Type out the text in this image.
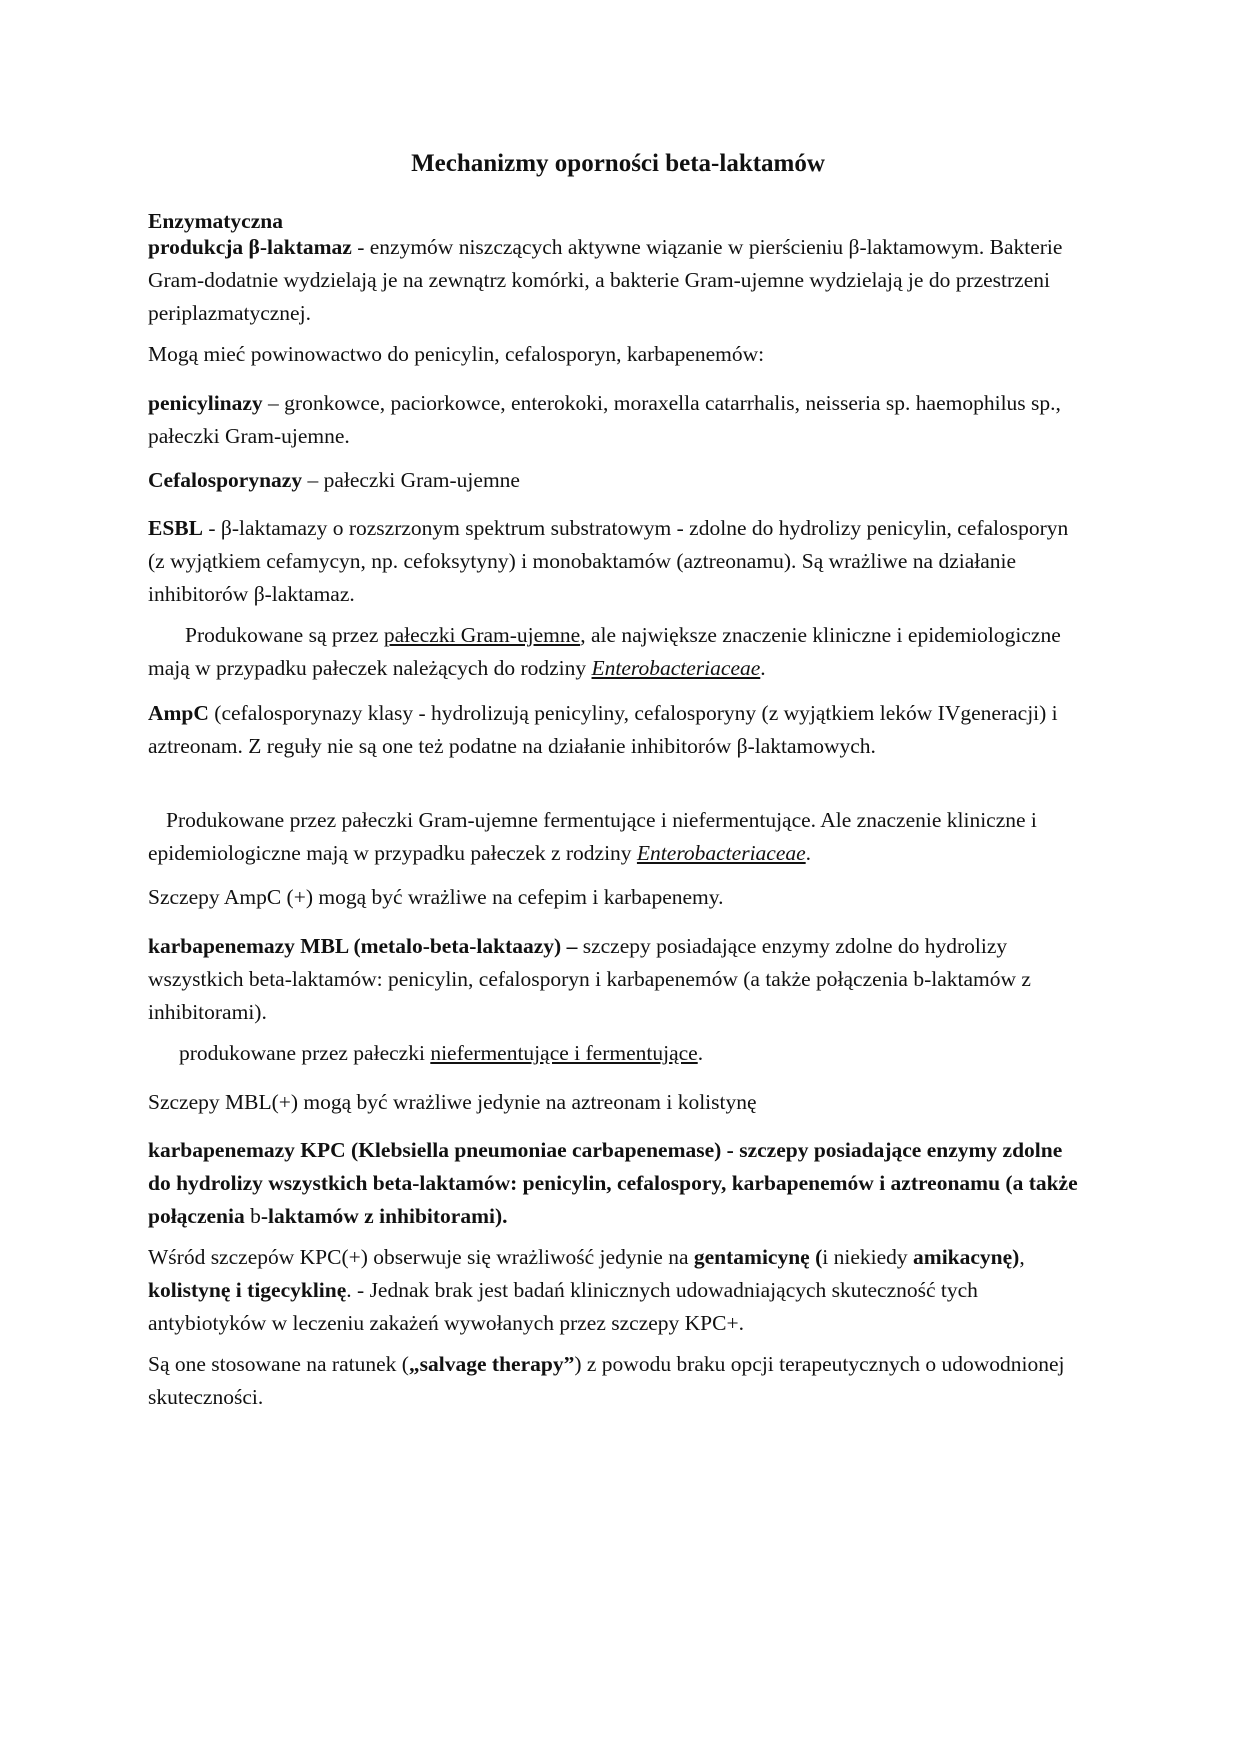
Mechanizmy oporności beta-laktamów
Enzymatyczna

produkcja β-laktamaz - enzymów niszczących aktywne wiązanie w pierścieniu β-laktamowym. Bakterie Gram-dodatnie wydzielają je na zewnątrz komórki, a bakterie Gram-ujemne wydzielają je do przestrzeni periplazmatycznej.

Mogą mieć powinowactwo do penicylin, cefalosporyn, karbapenemów:

penicylinazy – gronkowce, paciorkowce, enterokoki, moraxella catarrhalis, neisseria sp. haemophilus sp., pałeczki Gram-ujemne.

Cefalosporynazy – pałeczki Gram-ujemne

ESBL - β-laktamazy o rozszrzonym spektrum substratowym - zdolne do hydrolizy penicylin, cefalosporyn (z wyjątkiem cefamycyn, np. cefoksytyny) i monobaktamów (aztreonamu). Są wrażliwe na działanie inhibitorów β-laktamaz.

Produkowane są przez pałeczki Gram-ujemne, ale największe znaczenie kliniczne i epidemiologiczne mają w przypadku pałeczek należących do rodziny Enterobacteriaceae.

AmpC (cefalosporynazy klasy - hydrolizują penicyliny, cefalosporyny (z wyjątkiem leków IVgeneracji) i aztreonam. Z reguły nie są one też podatne na działanie inhibitorów β-laktamowych.

Produkowane przez pałeczki Gram-ujemne fermentujące i niefermentujące. Ale znaczenie kliniczne i epidemiologiczne mają w przypadku pałeczek z rodziny Enterobacteriaceae.

Szczepy AmpC (+) mogą być wrażliwe na cefepim i karbapenemy.

karbapenemazy MBL (metalo-beta-laktaazy) – szczepy posiadające enzymy zdolne do hydrolizy wszystkich beta-laktamów: penicylin, cefalosporyn i karbapenemów (a także połączenia b-laktamów z inhibitorami).

produkowane przez pałeczki niefermentujące i fermentujące.

Szczepy MBL(+) mogą być wrażliwe jedynie na aztreonam i kolistynę

karbapenemazy KPC (Klebsiella pneumoniae carbapenemase) - szczepy posiadające enzymy zdolne do hydrolizy wszystkich beta-laktamów: penicylin, cefalospory, karbapenemów i aztreonamu (a także połączenia b-laktamów z inhibitorami).

Wśród szczepów KPC(+) obserwuje się wrażliwość jedynie na gentamicynę (i niekiedy amikacynę), kolistynę i tigecyklinę. - Jednak brak jest badań klinicznych udowadniających skuteczność tych antybiotyków w leczeniu zakażeń wywołanych przez szczepy KPC+.

Są one stosowane na ratunek („salvage therapy”) z powodu braku opcji terapeutycznych o udowodnionej skuteczności.
